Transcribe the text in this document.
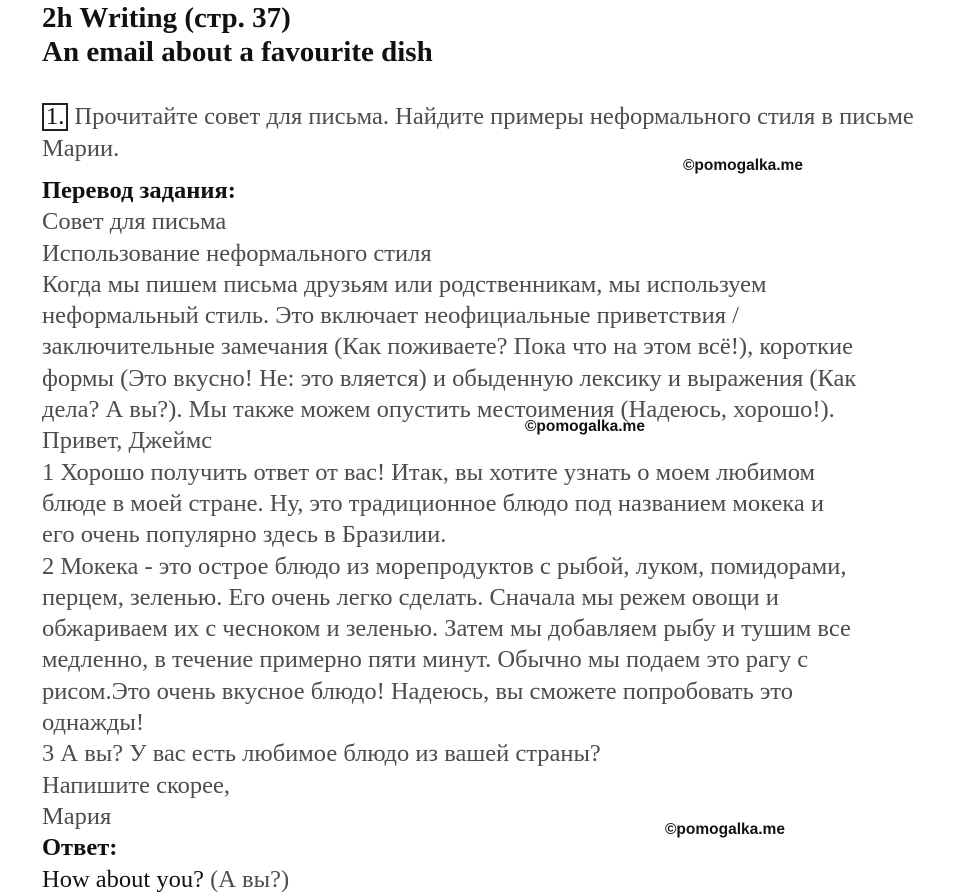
2h Writing (стр. 37)
An email about a favourite dish
1. Прочитайте совет для письма. Найдите примеры неформального стиля в письме Марии.
Перевод задания:
Совет для письма
Использование неформального стиля
Когда мы пишем письма друзьям или родственникам, мы используем
неформальный стиль. Это включает неофициальные приветствия /
заключительные замечания (Как поживаете? Пока что на этом всё!), короткие
формы (Это вкусно! Не: это вляется) и обыденную лексику и выражения (Как
дела? А вы?). Мы также можем опустить местоимения (Надеюсь, хорошо!).
Привет, Джеймс
1 Хорошо получить ответ от вас! Итак, вы хотите узнать о моем любимом
блюде в моей стране. Ну, это традиционное блюдо под названием мокека и
его очень популярно здесь в Бразилии.
2 Мокека - это острое блюдо из морепродуктов с рыбой, луком, помидорами,
перцем, зеленью. Его очень легко сделать. Сначала мы режем овощи и
обжариваем их с чесноком и зеленью. Затем мы добавляем рыбу и тушим все
медленно, в течение примерно пяти минут. Обычно мы подаем это рагу с
рисом.Это очень вкусное блюдо! Надеюсь, вы сможете попробовать это
однажды!
3 А вы? У вас есть любимое блюдо из вашей страны?
Напишите скорее,
Мария
Ответ:
How about you? (А вы?)
©pomogalka.me
©pomogalka.me
©pomogalka.me
